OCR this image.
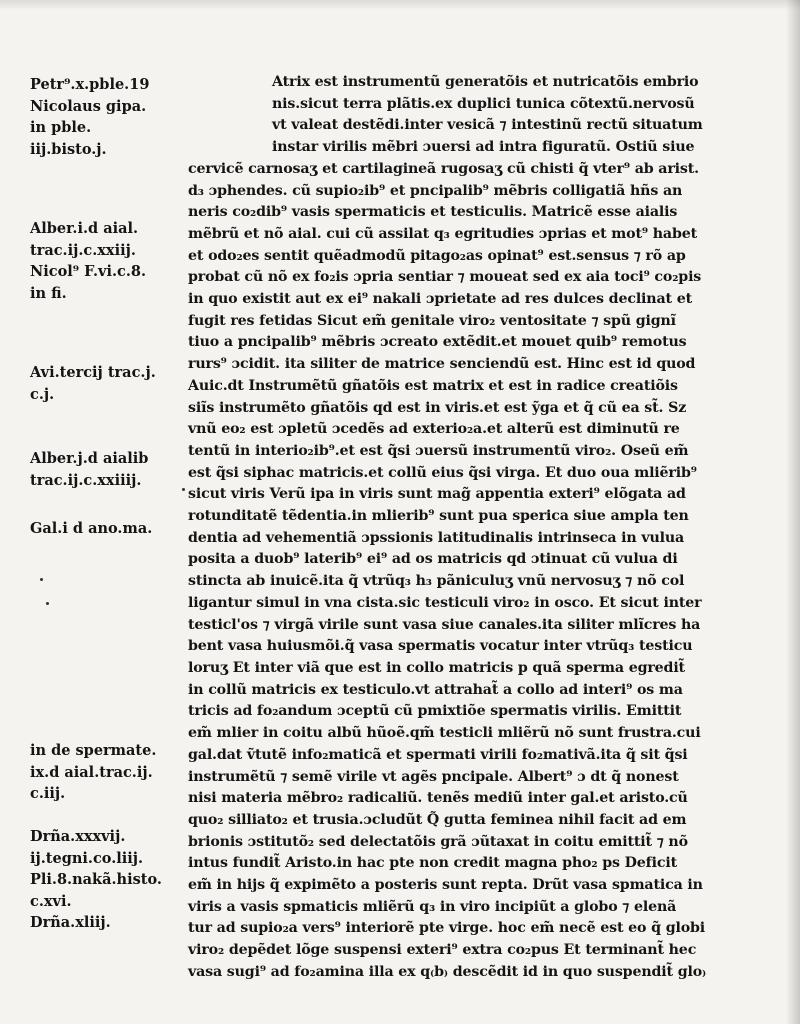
Petr⁹.x.pble.19
Nicolaus gipa.
in pble.
iij.bisto.j.
Alber.i.d aial.
trac.ij.c.xxiij.
Nicol⁹ F.vi.c.8.
in fi.
Avi.tercij trac.j.
c.j.
Alber.j.d aialib
trac.ij.c.xxiiij.
Gal.i d ano.ma.
in de spermate.
ix.d aial.trac.ij.
c.iij.
Drña.xxxvij.
ij.tegni.co.liij.
Pli.8.nakã.histo.
c.xvi.
Drña.xliij.
Atrix est instrumentũ generatõis et nutricatõis embrio
nis.sicut terra plãtis.ex duplici tunica cõtextũ.nervosũ
vt valeat destẽdi.inter vesicã ⁊ intestinũ rectũ situatum
instar virilis mẽbri ɔuersi ad intra figuratũ. Ostiũ siue
cervicẽ carnosaʒ et cartilagineã rugosaʒ cũ chisti q̃ vter⁹ ab arist.
d₃ ɔphendes. cũ supio₂ib⁹ et pncipalib⁹ mẽbris colligatiã hñs an
neris co₂dib⁹ vasis spermaticis et testiculis. Matricẽ esse aialis
mẽbrũ et nõ aial. cui cũ assilat q₃ egritudies ɔprias et mot⁹ habet
et odo₂es sentit quẽadmodũ pitago₂as opinat⁹ est.sensus ⁊ rõ ap
probat cũ nõ ex fo₂is ɔpria sentiar ⁊ moueat sed ex aia toci⁹ co₂pis
in quo existit aut ex ei⁹ nakali ɔprietate ad res dulces declinat et
fugit res fetidas Sicut em̃ genitale viro₂ ventositate ⁊ spũ gignĩ
tiuo a pncipalib⁹ mẽbris ɔcreato extẽdit.et mouet quib⁹ remotus
rurs⁹ ɔcidit. ita siliter de matrice senciendũ est. Hinc est id quod
Auic.dt Instrumẽtũ gñatõis est matrix et est in radice creatiõis
siĩs instrumẽto gñatõis qd est in viris.et est ỹga et q̃ cũ ea st̃. Sz
vnũ eo₂ est ɔpletũ ɔcedẽs ad exterio₂a.et alterũ est diminutũ re
tentũ in interio₂ib⁹.et est q̃si ɔuersũ instrumentũ viro₂. Oseũ em̃
est q̃si siphac matricis.et collũ eius q̃si virga. Et duo oua mliẽrib⁹
sicut viris Verũ ipa in viris sunt mag̃ appentia exteri⁹ elõgata ad
rotunditatẽ tẽdentia.in mlierib⁹ sunt pua sperica siue ampla ten
dentia ad vehementiã ɔpssionis latitudinalis intrinseca in vulua
posita a duob⁹ laterib⁹ ei⁹ ad os matricis qd ɔtinuat cũ vulua di
stincta ab inuicẽ.ita q̃ vtrũq₃ h₃ pãniculuʒ vnũ nervosuʒ ⁊ nõ col
ligantur simul in vna cista.sic testiculi viro₂ in osco. Et sicut inter
testicl'os ⁊ virgã virile sunt vasa siue canales.ita siliter mlĩcres ha
bent vasa huiusmõi.q̃ vasa spermatis vocatur inter vtrũq₃ testicu
loruʒ Et inter viã que est in collo matricis p quã sperma egredit̃
in collũ matricis ex testiculo.vt attrahat̃ a collo ad interi⁹ os ma
tricis ad fo₂andum ɔceptũ cũ pmixtiõe spermatis virilis. Emittit
em̃ mlier in coitu albũ hũoẽ.qm̃ testicli mliẽrũ nõ sunt frustra.cui
gal.dat ṽtutẽ info₂maticã et spermati virili fo₂mativã.ita q̃ sit q̃si
instrumẽtũ ⁊ semẽ virile vt agẽs pncipale. Albert⁹ ɔ dt q̃ nonest
nisi materia mẽbro₂ radicaliũ. tenẽs mediũ inter gal.et aristo.cũ
quo₂ silliato₂ et trusia.ɔcludũt Q̃ gutta feminea nihil facit ad em
brionis ɔstitutõ₂ sed delectatõis grã ɔũtaxat in coitu emittit̃ ⁊ nõ
intus fundit̃ Aristo.in hac pte non credit magna pho₂ ps Deficit
em̃ in hijs q̃ expimẽto a posteris sunt repta. Drũt vasa spmatica in
viris a vasis spmaticis mliẽrũ q₃ in viro incipiũt a globo ⁊ elenã
tur ad supio₂a vers⁹ interiorẽ pte virge. hoc em̃ necẽ est eo q̃ globi
viro₂ depẽdet lõge suspensi exteri⁹ extra co₂pus Et terminant̃ hec
vasa sugi⁹ ad fo₂amina illa ex q₍b₎ descẽdit id in quo suspendit̃ glo₎
